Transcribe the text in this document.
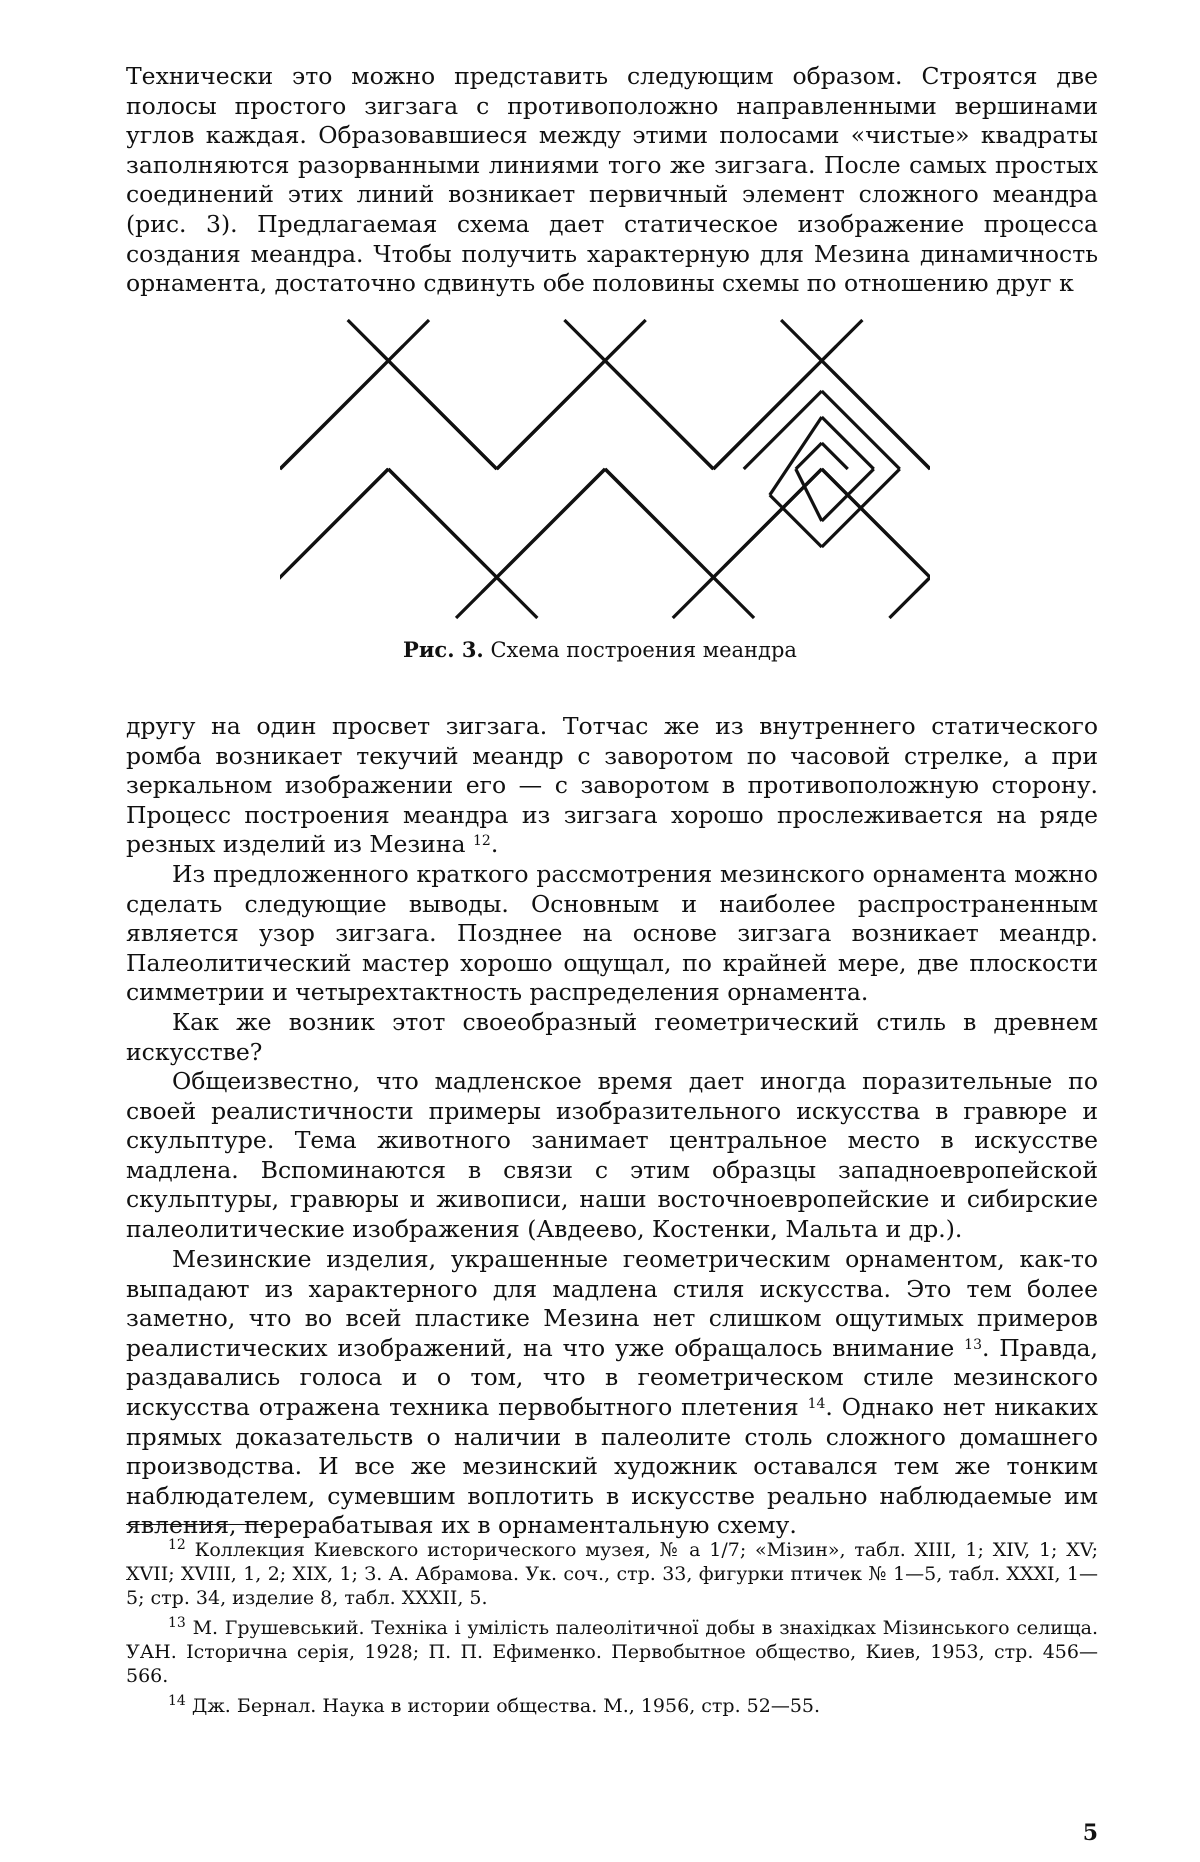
Технически это можно представить следующим образом. Строятся две полосы простого зигзага с противоположно направленными вершинами углов каждая. Образовавшиеся между этими полосами «чистые» квадраты заполняются разорванными линиями того же зигзага. После самых простых соединений этих линий возникает первичный элемент сложного меандра (рис. 3). Предлагаемая схема дает статическое изображение процесса создания меандра. Чтобы получить характерную для Мезина динамичность орнамента, достаточно сдвинуть обе половины схемы по отношению друг к

Рис. 3. Схема построения меандра

другу на один просвет зигзага. Тотчас же из внутреннего статического ромба возникает текучий меандр с заворотом по часовой стрелке, а при зеркальном изображении его — с заворотом в противоположную сторону. Процесс построения меандра из зигзага хорошо прослеживается на ряде резных изделий из Мезина $^{12}$.

Из предложенного краткого рассмотрения мезинского орнамента можно сделать следующие выводы. Основным и наиболее распространенным является узор зигзага. Позднее на основе зигзага возникает меандр. Палеолитический мастер хорошо ощущал, по крайней мере, две плоскости симметрии и четырехтактность распределения орнамента.

Как же возник этот своеобразный геометрический стиль в древнем искусстве?

Общеизвестно, что мадленское время дает иногда поразительные по своей реалистичности примеры изобразительного искусства в гравюре и скульптуре. Тема животного занимает центральное место в искусстве мадлена. Вспоминаются в связи с этим образцы западноевропейской скульптуры, гравюры и живописи, наши восточноевропейские и сибирские палеолитические изображения (Авдеево, Костенки, Мальта и др.).

Мезинские изделия, украшенные геометрическим орнаментом, как-то выпадают из характерного для мадлена стиля искусства. Это тем более заметно, что во всей пластике Мезина нет слишком ощутимых примеров реалистических изображений, на что уже обращалось внимание $^{13}$. Правда, раздавались голоса и о том, что в геометрическом стиле мезинского искусства отражена техника первобытного плетения $^{14}$. Однако нет никаких прямых доказательств о наличии в палеолите столь сложного домашнего производства. И все же мезинский художник оставался тем же тонким наблюдателем, сумевшим воплотить в искусстве реально наблюдаемые им явления, перерабатывая их в орнаментальную схему.

$^{12}$ Коллекция Киевского исторического музея, № а 1/7; «Мізин», табл. XIII, 1; XIV, 1; XV; XVII; XVIII, 1, 2; XIX, 1; З. А. Абрамова. Ук. соч., стр. 33, фигурки птичек № 1—5, табл. XXXI, 1—5; стр. 34, изделие 8, табл. XXXII, 5.

$^{13}$ М. Грушевський. Техніка і умілість палеолітичної добы в знахідках Мізинського селища. УАН. Історична серія, 1928; П. П. Ефименко. Первобытное общество, Киев, 1953, стр. 456—566.

$^{14}$ Дж. Бернал. Наука в истории общества. М., 1956, стр. 52—55.

5
